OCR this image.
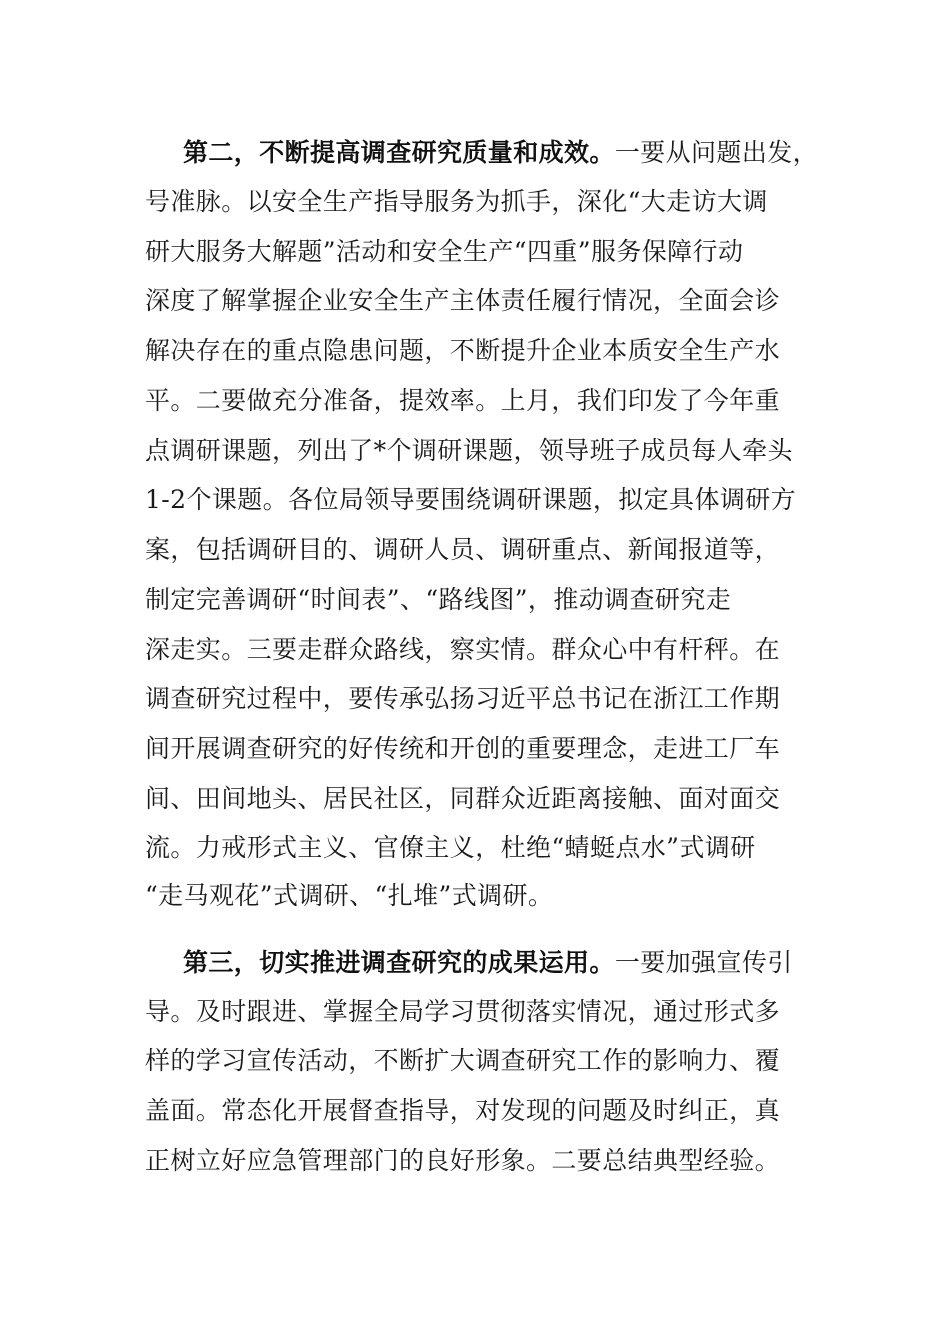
第二，不断提高调查研究质量和成效。一要从问题出发，
号准脉。以安全生产指导服务为抓手，深化“大走访大调
研大服务大解题”活动和安全生产“四重”服务保障行动
深度了解掌握企业安全生产主体责任履行情况，全面会诊
解决存在的重点隐患问题，不断提升企业本质安全生产水
平。二要做充分准备，提效率。上月，我们印发了今年重
点调研课题，列出了*个调研课题，领导班子成员每人牵头
1-2个课题。各位局领导要围绕调研课题，拟定具体调研方
案，包括调研目的、调研人员、调研重点、新闻报道等，
制定完善调研“时间表”、“路线图”，推动调查研究走
深走实。三要走群众路线，察实情。群众心中有杆秤。在
调查研究过程中，要传承弘扬习近平总书记在浙江工作期
间开展调查研究的好传统和开创的重要理念，走进工厂车
间、田间地头、居民社区，同群众近距离接触、面对面交
流。力戒形式主义、官僚主义，杜绝“蜻蜓点水”式调研
“走马观花”式调研、“扎堆”式调研。
第三，切实推进调查研究的成果运用。一要加强宣传引
导。及时跟进、掌握全局学习贯彻落实情况，通过形式多
样的学习宣传活动，不断扩大调查研究工作的影响力、覆
盖面。常态化开展督查指导，对发现的问题及时纠正，真
正树立好应急管理部门的良好形象。二要总结典型经验。
